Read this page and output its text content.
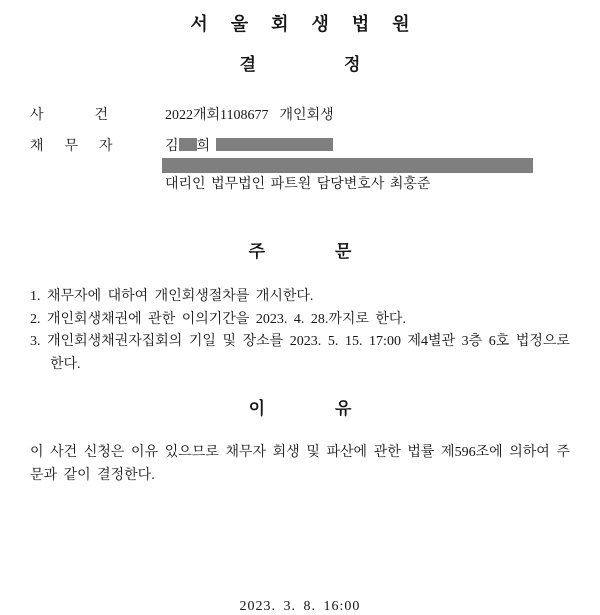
서울회생법원
결정
사건 2022개회1108677  개인회생
채무자	김 희
대리인 법무법인 파트원 담당변호사 최홍준
주문
1. 채무자에 대하여 개인회생절차를 개시한다.
2. 개인회생채권에 관한 이의기간을 2023. 4. 28.까지로 한다.
3. 개인회생채권자집회의 기일 및 장소를 2023. 5. 15. 17:00 제4별관 3층 6호 법정으로 한다.
이유
이 사건 신청은 이유 있으므로 채무자 회생 및 파산에 관한 법률 제596조에 의하여 주문과 같이 결정한다.
2023. 3. 8. 16:00
